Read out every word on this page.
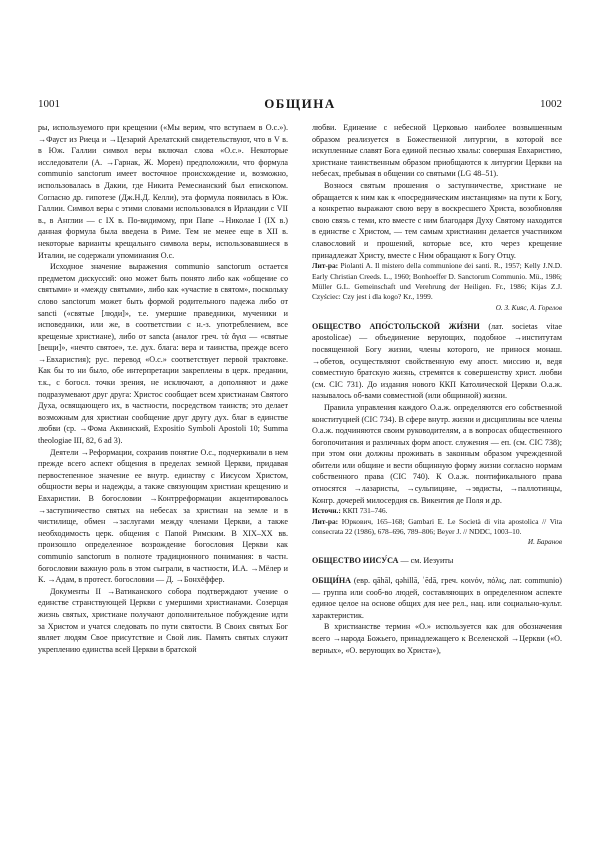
1001	ОБЩИНА	1002

ры, используемого при крещении («Мы верим, что вступаем в О.с.»). →Фауст из Риеца и →Цезарий Арелатский свидетельствуют, что в V в. в Юж. Галлии символ веры включал слова «О.с.». Некоторые исследователи (А. →Гарнак, Ж. Морен) предположили, что формула communio sanctorum имеет восточное происхождение и, возможно, использовалась в Дакии, где Никита Ремесианский был епископом. Согласно др. гипотезе (Дж.Н.Д. Келли), эта формула появилась в Юж. Галлии. Символ веры с этими словами использовался в Ирландии с VII в., в Англии — с IX в. По-видимому, при Папе →Николае I (IX в.) данная формула была введена в Риме. Тем не менее еще в XII в. некоторые варианты крещальнго символа веры, использовавшиеся в Италии, не содержали упоминания О.с.

Исходное значение выражения communio sanctorum остается предметом дискуссий: оно может быть понято либо как «общение со святыми» и «между святыми», либо как «участие в святом», поскольку слово sanctorum может быть формой родительного падежа либо от sancti («святые [люди]», т.е. умершие праведники, мученики и исповедники, или же, в соответствии с н.-з. употреблением, все крещеные христиане), либо от sancta (аналог греч. τὰ ἅγια — «святые [вещи]», «нечто святое», т.е. дух. блага: вера и таинства, прежде всего →Евхаристия); рус. перевод «О.с.» соответствует первой трактовке. Как бы то ни было, обе интерпретации закреплены в церк. предании, т.к., с богосл. точки зрения, не исключают, а дополняют и даже подразумевают друг друга: Христос сообщает всем христианам Святого Духа, освящающего их, в частности, посредством таинств; это делает возможным для христиан сообщение друг другу дух. благ в единстве любви (ср. →Фома Аквинский, Expositio Symboli Apostoli 10; Summa theologiae III, 82, 6 ad 3).

Деятели →Реформации, сохранив понятие О.с., подчеркивали в нем прежде всего аспект общения в пределах земной Церкви, придавая первостепенное значение ее внутр. единству с Иисусом Христом, общности веры и надежды, а также связующим христиан крещению и Евхаристии. В богословии →Контрреформации акцентировалось →заступничество святых на небесах за христиан на земле и в чистилище, обмен →заслугами между членами Церкви, а также необходимость церк. общения с Папой Римским. В XIX–XX вв. произошло определенное возрождение богословия Церкви как communio sanctorum в полноте традиционного понимания: в частн. богословии важную роль в этом сыграли, в частности, И.А. →Мёлер и К. →Адам, в протест. богословии — Д. →Бонхёффер.

Документы II →Ватиканского собора подтверждают учение о единстве странствующей Церкви с умершими христианами. Созерцая жизнь святых, христиане получают дополнительное побуждение идти за Христом и учатся следовать по пути святости. В Своих святых Бог являет людям Свое присутствие и Свой лик. Память святых служит укреплению единства всей Церкви в братской

любви. Единение с небесной Церковью наиболее возвышенным образом реализуется в Божественной литургии, в которой все искупленные славят Бога единой песнью хвалы: совершая Евхаристию, христиане таинственным образом приобщаются к литургии Церкви на небесах, пребывая в общении со святыми (LG 48–51).

Вознося святым прошения о заступничестве, христиане не обращается к ним как к «посредническим инстанциям» на пути к Богу, а конкретно выражают свою веру в воскресшего Христа, возобновляя свою связь с теми, кто вместе с ним благодаря Духу Святому находится в единстве с Христом, — тем самым христианин делается участником славословий и прошений, которые все, кто через крещение принадлежат Христу, вместе с Ним обращают к Богу Отцу.

Лит-ра: Piolanti A. Il mistero della communione dei santi. R., 1957; Kelly J.N.D. Early Christian Creeds. L., 1960; Bonhoeffer D. Sanctorum Communio. Mü., 1986; Müller G.L. Gemeinschaft und Verehrung der Heiligen. Fr., 1986; Kijas Z.J. Czyściec: Czy jest i dla kogo? Kr., 1999.

О. З. Кияс, А. Горелов

ОБЩЕСТВО АПО́СТОЛЬСКОЙ ЖИ́ЗНИ (лат. societas vitae apostolicae) — объединение верующих, подобное →институтам посвященной Богу жизни, члены которого, не принося монаш. →обетов, осуществляют свойственную ему апост. миссию и, ведя совместную братскую жизнь, стремятся к совершенству христ. любви (см. CIC 731). До издания нового ККП Католической Церкви О.а.ж. называлось об-вами совместной (или общинной) жизни.

Правила управления каждого О.а.ж. определяются его собственной конституцией (CIC 734). В сфере внутр. жизни и дисциплины все члены О.а.ж. подчиняются своим руководителям, а в вопросах общественного богопочитания и различных форм апост. служения — еп. (см. CIC 738); при этом они должны проживать в законным образом учрежденной обители или общине и вести общинную форму жизни согласно нормам собственного права (CIC 740). К О.а.ж. понтификального права относятся →лазаристы, →сульпицине, →эвдисты, →паллотинцы, Конгр. дочерей милосердия св. Викентия де Поля и др.

Источн.: ККП 731–746.

Лит-ра: Юркович, 165–168; Gambari E. Le Società di vita apostolica // Vita consecrata 22 (1986), 678–696, 789–806; Beyer J. // NDDC, 1003–10.

И. Баранов

ОБЩЕСТВО ИИСУ́СА — см. Иезуиты

ОБЩИ́НА (евр. qāhāl, qəhillā, ʿēdā, греч. κοινόν, πόλις, лат. communio) — группа или сооб-во людей, составляющих в определенном аспекте единое целое на основе общих для нее рел., нац. или социально-культ. характеристик.

В христианстве термин «О.» используется как для обозначения всего →народа Божьего, принадлежащего к Вселенской →Церкви («О. верных», «О. верующих во Христа»),
